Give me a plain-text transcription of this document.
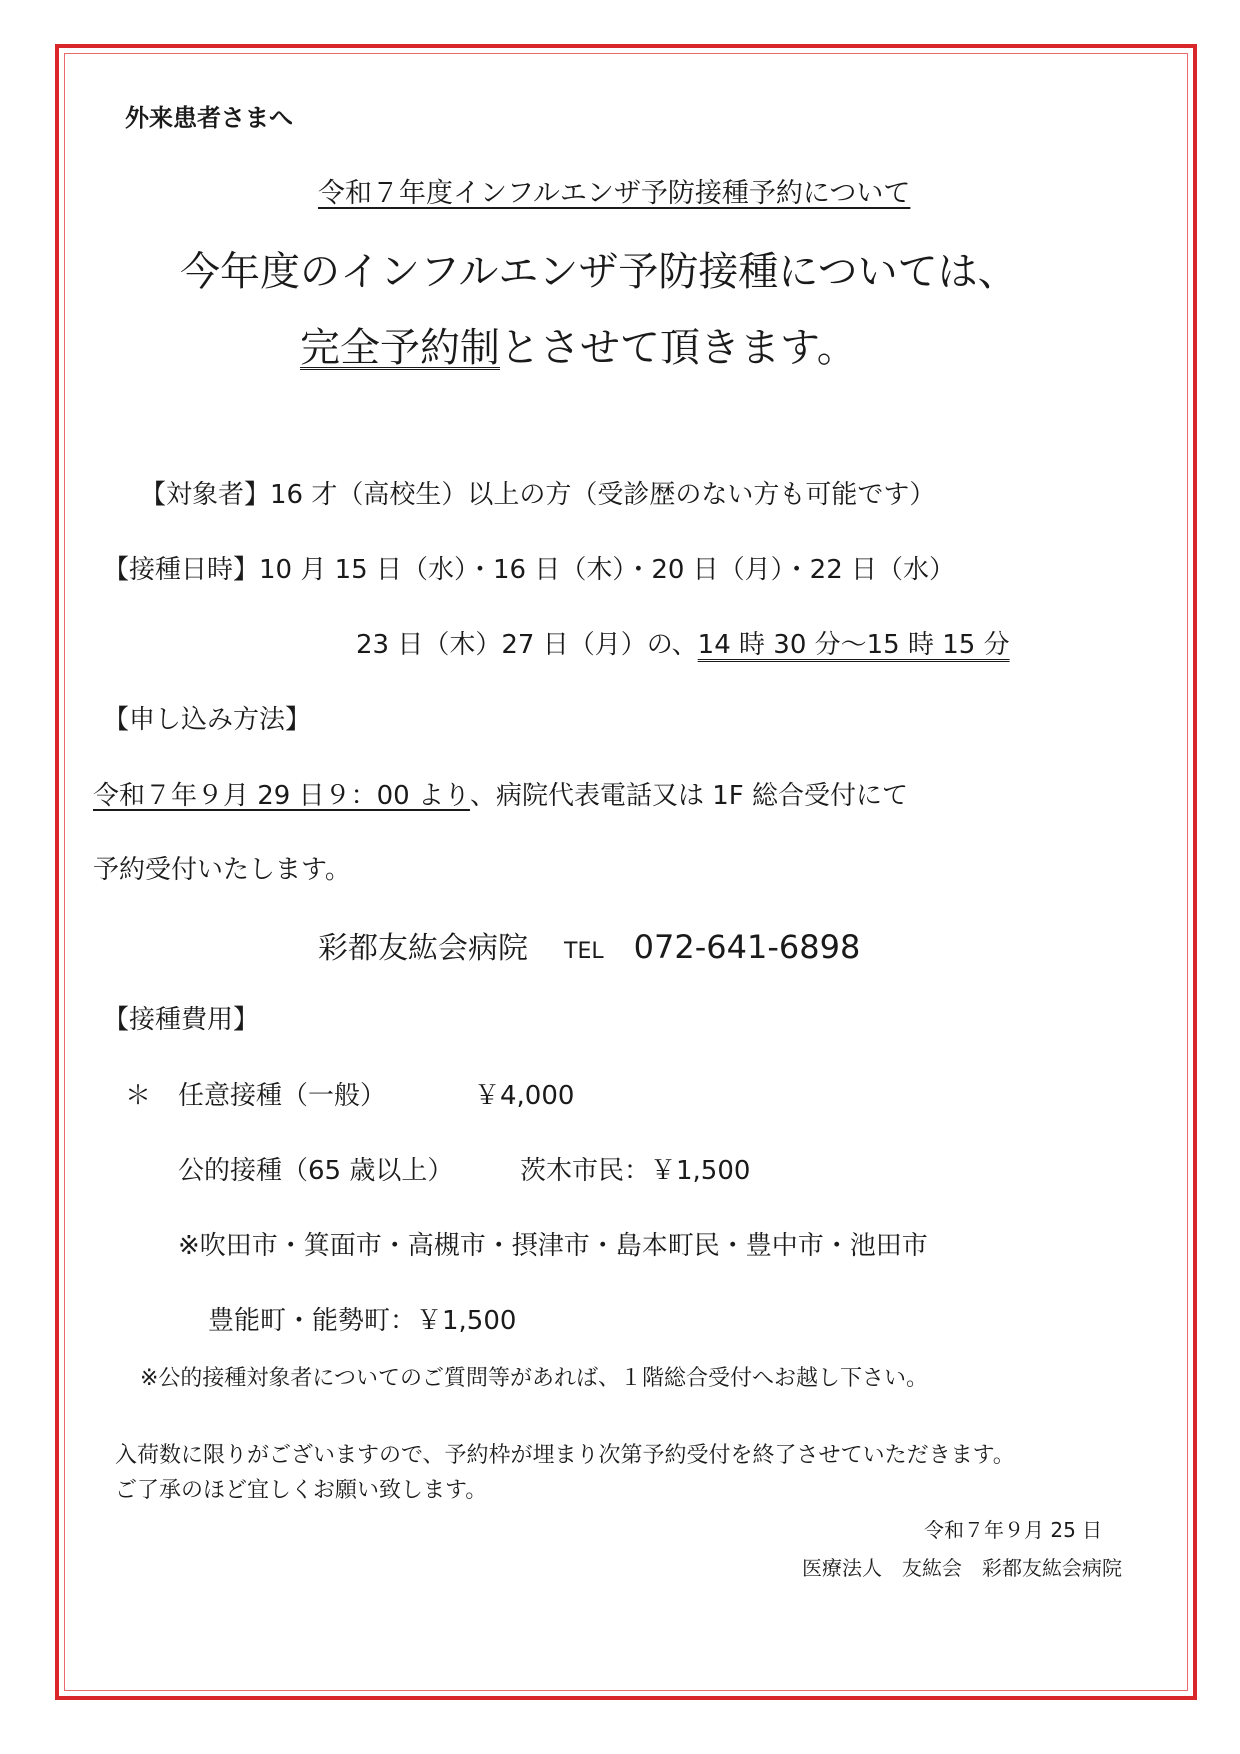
外来患者さまへ
令和７年度インフルエンザ予防接種予約について
今年度のインフルエンザ予防接種については、
完全予約制とさせて頂きます。
【対象者】16 才（高校生）以上の方（受診歴のない方も可能です）
【接種日時】10 月 15 日（水）・16 日（木）・20 日（月）・22 日（水）
23 日（木）27 日（月）の、14 時 30 分～15 時 15 分
【申し込み方法】
令和７年９月 29 日９：00 より、病院代表電話又は 1F 総合受付にて
予約受付いたします。
彩都友紘会病院 TEL 072-641-6898
【接種費用】
＊ 任意接種（一般）	￥4,000
公的接種（65 歳以上）	茨木市民：￥1,500
※吹田市・箕面市・高槻市・摂津市・島本町民・豊中市・池田市
豊能町・能勢町：￥1,500
※公的接種対象者についてのご質問等があれば、１階総合受付へお越し下さい。
入荷数に限りがございますので、予約枠が埋まり次第予約受付を終了させていただきます。
ご了承のほど宜しくお願い致します。
令和７年９月 25 日
医療法人　友紘会　彩都友紘会病院
